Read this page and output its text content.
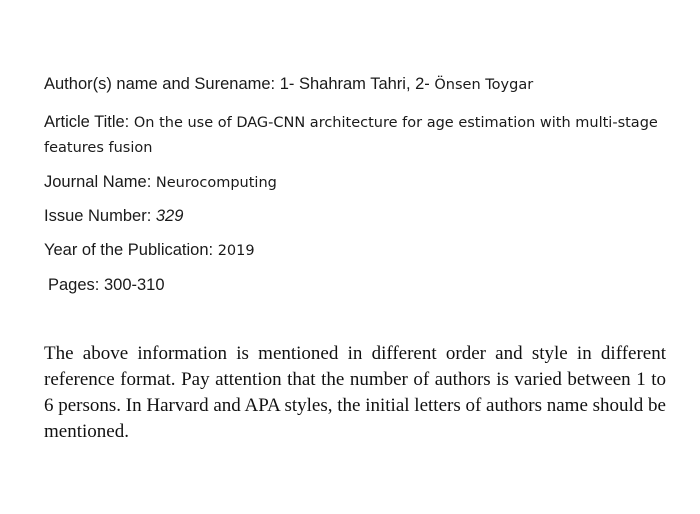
Author(s) name and Surename: 1- Shahram Tahri, 2- Önsen Toygar
Article Title: On the use of DAG-CNN architecture for age estimation with multi-stage features fusion
Journal Name: Neurocomputing
Issue Number: 329
Year of the Publication: 2019
Pages: 300-310
The above information is mentioned in different order and style in different reference format. Pay attention that the number of authors is varied between 1 to 6 persons. In Harvard and APA styles, the initial letters of authors name should be mentioned.
